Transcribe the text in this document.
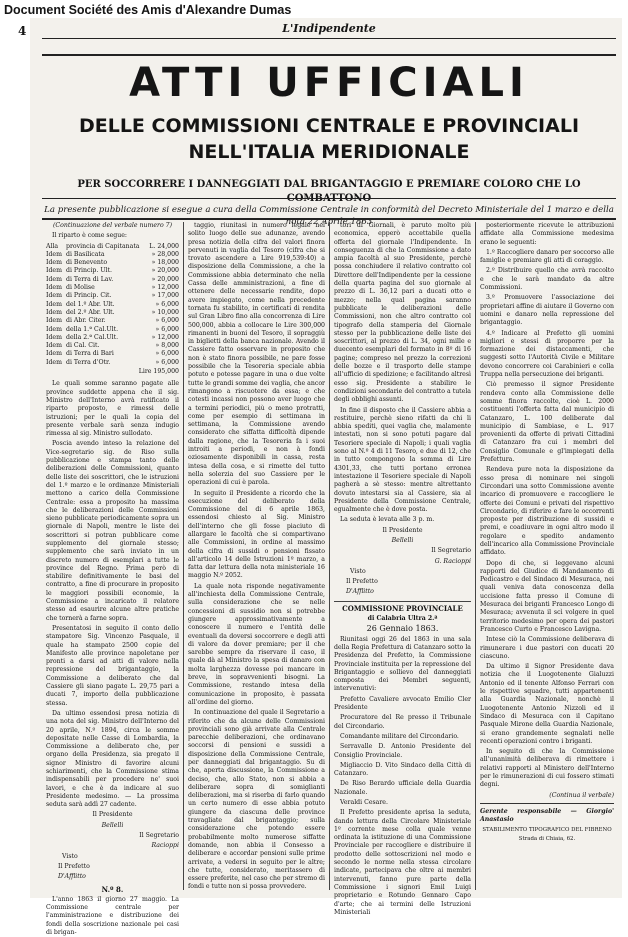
Document Société des Amis d'Alexandre Dumas
4	L'Indipendente
ATTI UFFICIALI
DELLE COMMISSIONI CENTRALE E PROVINCIALI
NELL'ITALIA MERIDIONALE
PER SOCCORRERE I DANNEGGIATI DAL BRIGANTAGGIO E PREMIARE COLORO CHE LO COMBATTONO
La presente pubblicazione si esegue a cura della Commissione Centrale in conformità del Decreto Ministeriale del 1 marzo e della nota 22 Aprile 1863

(Continuazione del verbale numero 7)

Il riparto è come segue:

Alla	provincia di Capitanata	L. 24,000
Idem di Basilicata	» 28,000
Idem di Benevento	» 18,000
Idem di Princip. Ult.	» 20,000
Idem di Terra di Lav.	» 20,000
Idem di Molise	» 12,000
Idem di Princip. Cit.	» 17,000
Idem del 1.º Abr. Ult.	» 6,000
Idem del 2.º Abr. Ult.	» 10,000
Idem di Abr. Citer.	» 6,000
Idem della 1.ª Cal.Ult.	» 6,000
Idem della 2.ª Cal.Ult.	» 12,000
Idem di Cal. Cit.	» 8,000
Idem di Terra di Bari	» 6,000
Idem di Terra d'Otr.	» 6,000
Lire 195,000

Le quali somme saranno pagate alle province suddette appena che il sig. Ministro dell'Interno avrà ratificato il riparto proposto, e rimessi delle istruzioni; per le quali la copia del presente verbale sarà senza indugio rimessa al sig. Ministro sullodato.

Poscia avendo inteso la relazione del Vice-segretario sig. de Riso sulla pubblicazione e stampa tanto delle deliberazioni delle Commissioni, quanto delle liste dei soscrittori, che le istruzioni del 1.º marzo e le ordinanze Ministeriali mettono a carico della Commissione Centrale: essa a proposito ha massima che le deliberazioni delle Commissioni sieno pubblicate periodicamente sopra un giornale di Napoli, mentre le liste dei soscrittori si potran pubblicare come supplemento del giornale stesso; supplemento che sarà inviato in un discreto numero di esemplari a tutte le province del Regno. Prima però di stabilire definitivamente le basi del contratto, a fine di procurare in proposito le maggiori possibili economie, la Commissione a incaricato il relatore stesso ad esaurire alcune altre pratiche che tornerà a farne sopra.

Presentatosi in seguito il conto dello stampatore Sig. Vincenzo Pasquale, il quale ha stampato 2500 copie del Manifesto alle province napoletane per pronti a darsi ad atti di valore nella repressione del brigantaggio, la Commissione a deliberato che dal Cassiere gli siano pagate L. 29,75 pari a ducati 7, importo della pubblicazione stessa.

Da ultimo essendosi presa notizia di una nota del sig. Ministro dell'Interno del 20 aprile, N.º 1894, circa le somme depositate nelle Casse di Lombardia, la Commissione a deliberato che, per organo della Presidenza, sia pregato il signor Ministro di favorire alcuni schiarimenti, che la Commissione stima indispensabili per procedere ne' suoi lavori, e che è da indicare al suo Presidente medesimo. — La prossima seduta sarà addì 27 cadente.

Il Presidente

Bellelli

Il Segretario

Racioppi

Visto

Il Prefetto

D'Afflitto

N.º 8.

L'anno 1863 il giorno 27 maggio. La Commissione centrale per l'amministrazione e distribuzione dei fondi della soscrizione nazionale pei casi di brigan-

taggio, riunitasi in numero legale nel solito luogo delle sue adunanze, avendo presa notizia della cifra del valori finora pervenuti in vaglia del Tesoro (cifra che si trovato ascendere a Lire 919,539:40) a disposizione della Commissione, a che la Commissione abbia determinato che nella Cassa delle amministrazioni, a fine di ottenere delle necessarie rendite, dopo avere impiegato, come nella precedente tornata fu stabilito, in certificati di rendita sul Gran Libro fino alla concorrenza di Lire 500,000, abbia a collocare le Lire 300,000 rimanenti in buoni del Tesoro, il sopraggiù in biglietti della banca nazionale. Avendo il Cassiere fatto osservare in proposito che non è stato finora possibile, ne pare fosse possibile che la Tesoreria speciale abbia potuto e potesse pagare in una o due volte tutte le grandi somme dei vaglia, che ancor rimangono a riscuotere da essa; e che cotesti incassi non possono aver luogo che a termini periodici, più o meno protratti, come per esempio di settimana in settimana, la Commissione avendo considerato che siffatta difficoltà dipende dalla ragione, che la Tesoreria fa i suoi introiti a periodi, e non à fondi oziosamente disponibili in cassa, resta intesa della cosa, e si rimette del tutto nella solerzia del suo Cassiere per le operazioni di cui è parola.

In seguito il Presidente a ricordo che la esecuzione del deliberato della Commissione del di 6 aprile 1863, essendosi chiesto al Sig. Ministro dell'interno che gli fosse piaciuto di allargare le facoltà che si compartivano alle Commissioni, in ordine al massimo della cifra di sussidi o pensioni fissato all'articolo 14 delle Istruzioni 1º marzo, a fatta dar lettura della nota ministeriale 16 maggio N.º 2052.

La quale nota risponde negativamente all'inchiesta della Commissione Centrale, sulla considerazione che se nelle concessioni di sussidio non si potrebbe giungere approssimativamente a conoscere il numero e l'entità delle eventuali da doversi soccorrere e degli atti di valore da dover premiare; per il che sarebbe sempre da riservare il caso, il quale dà al Ministro la spesa di danaro con molta larghezza dovesse poi mancare in breve, in sopravvenienti bisogni. La Commissione, restando intesa della comunicazione in proposito, è passata all'ordine del giorno.

In continuazione del quale il Segretario a riferito che da alcune delle Commissioni provinciali sono già arrivate alla Centrale parecchie deliberazioni, che ordinavano soccorsi di pensioni e sussidi a disposizione della Commissione Centrale, per danneggiati dal brigantaggio. Su di che, aperta discussione, la Commissione a deciso, che, allo Stato, non si abbia a deliberare sopra di somiglianti deliberazioni, ma si riserba di farlo quando un certo numero di esse abbia potuto giungere da ciascuna delle province travagliate dal brigantaggio; sulla considerazione che potendo essere probabilmente molto numerose siffatte domande, non abbia il Consesso a deliberare e accordar pensioni sulle prime arrivate, a vedersi in seguito per le altre; che tutte, considerato, meritassero di essere preferite, nel caso che per stremo di fondi e tutte non si possa provvedere.

tori di Giornali, è paruto molto più economica, epperò accettabile quella offerta del giornale l'Indipendente. In conseguenza di che la Commissione a dato ampia facoltà al suo Presidente, perchè possa conchiudere il relativo contratto col Direttore dell'Indipendente per la cessione della quarta pagina del suo giornale al prezzo di L. 36,12 pari a ducati otto e mezzo; nella qual pagina saranno pubblicate le deliberazioni delle Commissioni, non che altro contratto col tipografo della stamperia del Giornale stesso per la pubblicazione delle liste dei soscrittori, al prezzo di L. 34, ogni mille e duecento esemplari del formato in 8º di 16 pagine; compreso nel prezzo la correzioni delle bozze e il trasporto delle stampe all'ufficio di spedizione; e facilitando altresì esso sig. Presidente a stabilire le condizioni secondarie del contratto a tutela degli obblighi assunti.

In fine il disposto che il Cassiere abbia a restituire, perchè sieno rifatti da chi li abbia spediti, quei vaglia che, malamente intestati, non si sono potuti pagare dal Tesoriere speciale di Napoli; i quali vaglia sono al N.º 4 di 11 Tesoro, e due di 12, che in tutto compongono la somma di Lire 4301,33, che tutti portano erronea intestazione il Tesoriere speciale di Napoli pagherà a sè stesso: mentre altrettanto dovuto intestarsi sia al Cassiere, sia al Presidente della Commissione Centrale, egualmente che è dove posta.

La seduta è levata alle 3 p. m.

Il Presidente

Bellelli

Il Segretario

G. Racioppi

Visto

Il Prefetto

D'Afflitto

COMMISSIONE PROVINCIALE

di Calabria Ultra 2.ª

26 Gennaio 1863.

Riunitasi oggi 26 del 1863 in una sala della Regia Prefettura di Catanzaro sotto la Presidenza del Prefetto, la Commissione Provinciale instituita per la repressione del Brigantaggio e sollievo del danneggiati composta dei Membri seguenti, intervenutivi:

Prefetto Cavaliere avvocato Emilio Cler Presidente

Procuratore del Re presso il Tribunale del Circondario.

Comandante militare del Circondario.

Serravalle D. Antonio Presidente del Consiglio Provinciale.

Migliaccio D. Vito Sindaco della Città di Catanzaro.

De Riso Berardo ufficiale della Guardia Nazionale.

Veraldi Cesare.

Il Prefetto presidente aprisa la seduta, dando lettura della Circolare Ministeriale 1º corrente mese colla quale venne ordinata la istituzione di una Commissione Provinciale per raccogliere e distribuire il prodotto delle sottoscrizioni nel modo e secondo le norme nella stessa circolare indicate, partecipava che oltre ai membri intervenuti, fanno pure parte della Commissione i signori Emil Luigi proprietario e Rotundo Gennaro Capo d'arte; che ai termini delle Istruzioni Ministeriali

posteriormente ricevute le attribuzioni affidate alla Commissione medesima erano le seguenti:

1.º Raccogliere danaro per soccorso alle famiglie e premiare gli atti di coraggio.

2.º Distribuire quello che avrà raccolto e che le sarà mandato da altre Commissioni.

3.º Promuovere l'associazione dei proprietari affine di aiutare il Governo con uomini e danaro nella repressione del brigantaggio.

4.º Indicare al Prefetto gli uomini migliori e stessi di proporre per la formazione dei distaccamenti, che suggesti sotto l'Autorità Civile e Militare devono concorrere coi Carabinieri e colla Truppa nella persecuzione dei briganti.

Ciò premesso il signor Presidente rendeva conto alla Commissione delle somme finora raccolte, cioè L. 2000 costituenti l'offerta fatta dal municipio di Catanzaro, L. 100 deliberate dal municipio di Sambiase, e L. 917 provenienti da offerte di privati Cittadini di Catanzaro fra cui i membri del Consiglio Comunale e gl'impiegati della Prefettura.

Rendeva pure nota la disposizione da esso presa di nominare nei singoli Circondari una sotto Commissione avente incarico di promuovere e raccogliere le offerte dei Comuni e privati del rispettivo Circondario, di riferire e fare le occorrenti proposte per distribuzione di sussidi e premi, e coadiuvare in ogni altro modo il regolare e spedito andamento dell'incarico alla Commissione Provinciale affidato.

Dopo di che, si leggevano alcuni rapporti del Giudice di Mandamento di Pedicastro e del Sindaco di Mesuraca, nei quali veniva data conoscenza della uccisione fatta presso il Comune di Mesuraca dei briganti Francesco Longo di Mesuraca; avvenuta il scì volgere in quel territorio medesimo per opera dei pastori Francesco Curto e Francesco Lavigna.

Intese ciò la Commissione deliberava di rimunerare i due pastori con ducati 20 ciascuno.

Da ultimo il Signor Presidente dava notizia che il Luogotenente Gialuzzi Antonio ed il tenente Alfonso Ferrari con le rispettive squadre, tutti appartenenti alla Guardia Nazionale, nonchè il Luogotenente Antonio Nizzoli ed il Sindaco di Mesuraca con il Capitano Pasquale Mirone della Guardia Nazionale, si erano grandemente segnalati nelle recenti operazioni contro i briganti.

In seguito di che la Commissione all'unanimità deliberava di rimettere i relativi rapporti al Ministero dell'Interno per le rimunerazioni di cui fossero stimati degni.

(Continua il verbale)

Gerente responsabile — Giorgio' Anastasio

STABILIMENTO TIPOGRAFICO DEL FIBRENO Strada di Chiaia, 62.
